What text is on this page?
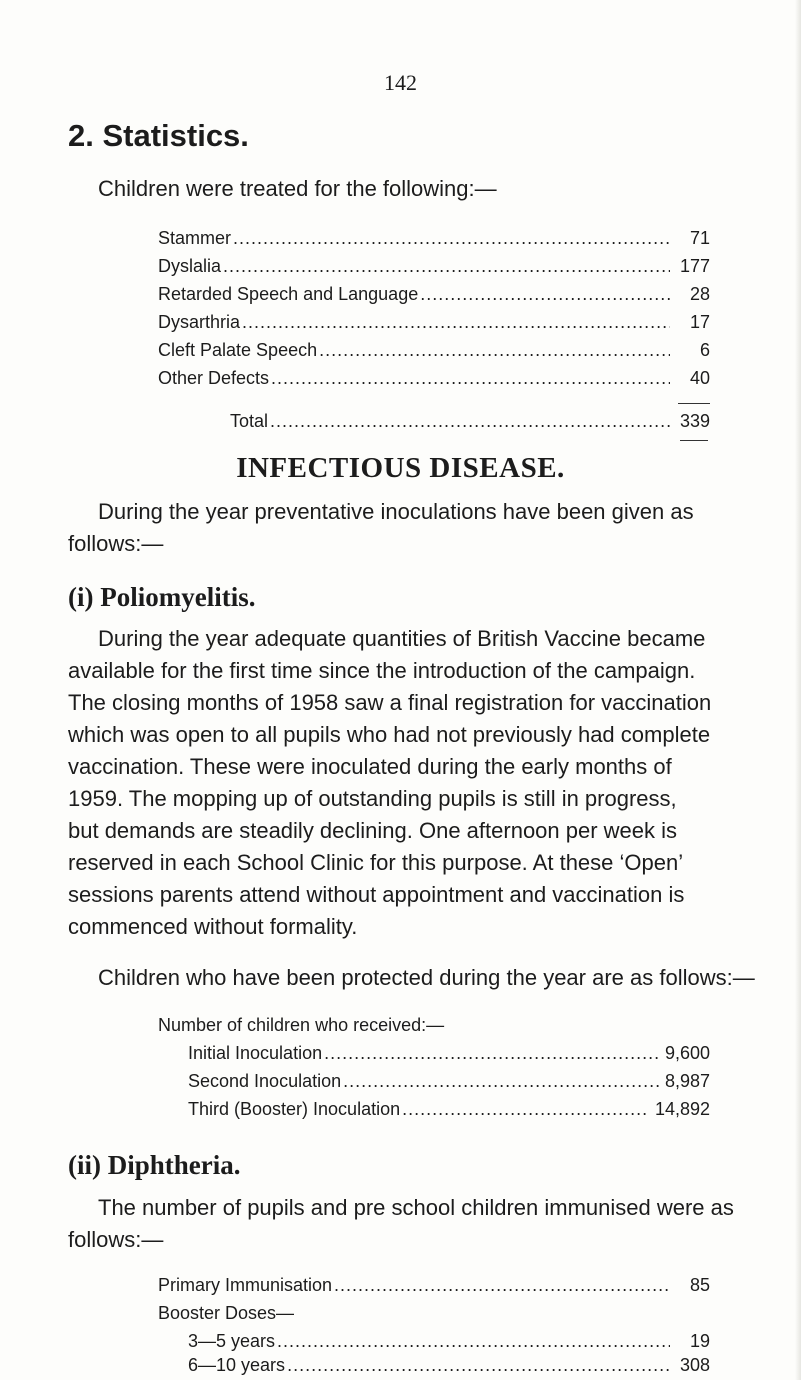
142
2. Statistics.
Children were treated for the following:—
Stammer .....	71
Dyslalia .....	177
Retarded Speech and Language .....	28
Dysarthria .....	17
Cleft Palate Speech .....	6
Other Defects .....	40
Total .....	339
INFECTIOUS DISEASE.
During the year preventative inoculations have been given as
follows:—
(i) Poliomyelitis.
During the year adequate quantities of British Vaccine became
available for the first time since the introduction of the campaign.
The closing months of 1958 saw a final registration for vaccination
which was open to all pupils who had not previously had complete
vaccination. These were inoculated during the early months of
1959. The mopping up of outstanding pupils is still in progress,
but demands are steadily declining. One afternoon per week is
reserved in each School Clinic for this purpose. At these ‘Open’
sessions parents attend without appointment and vaccination is
commenced without formality.
Children who have been protected during the year are as follows:—
Number of children who received:—
Initial Inoculation .....	9,600
Second Inoculation .....	8,987
Third (Booster) Inoculation .....	14,892
(ii) Diphtheria.
The number of pupils and pre school children immunised were as
follows:—
Primary Immunisation .....	85
Booster Doses—
3—5 years .....	19
6—10 years .....	308
